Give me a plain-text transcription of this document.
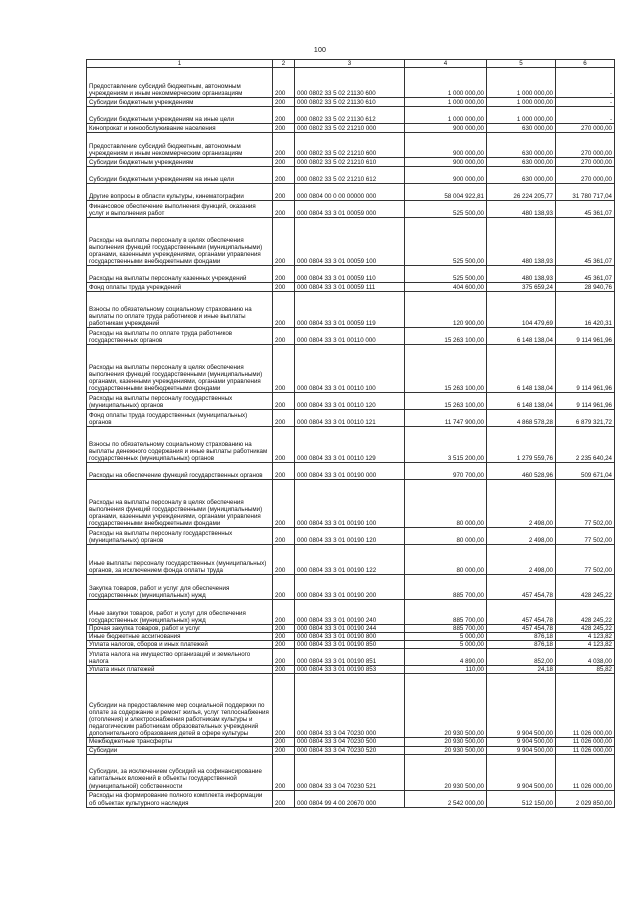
100
1	2	3	4	5	6
Предоставление субсидий бюджетным, автономным учреждениям и иным некоммерческим организациям	200	000 0802 33 5 02 21130 600	1 000 000,00	1 000 000,00	-
Субсидии бюджетным учреждениям	200	000 0802 33 5 02 21130 610	1 000 000,00	1 000 000,00	-
Субсидии бюджетным учреждениям на иные цели	200	000 0802 33 5 02 21130 612	1 000 000,00	1 000 000,00	-
Кинопрокат и кинообслуживание населения	200	000 0802 33 5 02 21210 000	900 000,00	630 000,00	270 000,00
Предоставление субсидий бюджетным, автономным учреждениям и иным некоммерческим организациям	200	000 0802 33 5 02 21210 600	900 000,00	630 000,00	270 000,00
Субсидии бюджетным учреждениям	200	000 0802 33 5 02 21210 610	900 000,00	630 000,00	270 000,00
Субсидии бюджетным учреждениям на иные цели	200	000 0802 33 5 02 21210 612	900 000,00	630 000,00	270 000,00
Другие вопросы в области культуры, кинематографии	200	000 0804 00 0 00 00000 000	58 004 922,81	26 224 205,77	31 780 717,04
Финансовое обеспечение выполнения функций, оказания услуг и выполнения работ	200	000 0804 33 3 01 00059 000	525 500,00	480 138,93	45 361,07
Расходы на выплаты персоналу в целях обеспечения выполнения функций государственными (муниципальными) органами, казенными учреждениями, органами управления государственными внебюджетными фондами	200	000 0804 33 3 01 00059 100	525 500,00	480 138,93	45 361,07
Расходы на выплаты персоналу казенных учреждений	200	000 0804 33 3 01 00059 110	525 500,00	480 138,93	45 361,07
Фонд оплаты труда учреждений	200	000 0804 33 3 01 00059 111	404 600,00	375 659,24	28 940,76
Взносы по обязательному социальному страхованию на выплаты по оплате труда работников и иные выплаты работникам учреждений	200	000 0804 33 3 01 00059 119	120 900,00	104 479,69	16 420,31
Расходы на выплаты по оплате труда работников государственных органов	200	000 0804 33 3 01 00110 000	15 263 100,00	6 148 138,04	9 114 961,96
Расходы на выплаты персоналу в целях обеспечения выполнения функций государственными (муниципальными) органами, казенными учреждениями, органами управления государственными внебюджетными фондами	200	000 0804 33 3 01 00110 100	15 263 100,00	6 148 138,04	9 114 961,96
Расходы на выплаты персоналу государственных (муниципальных) органов	200	000 0804 33 3 01 00110 120	15 263 100,00	6 148 138,04	9 114 961,96
Фонд оплаты труда государственных (муниципальных) органов	200	000 0804 33 3 01 00110 121	11 747 900,00	4 868 578,28	6 879 321,72
Взносы по обязательному социальному страхованию на выплаты денежного содержания и иные выплаты работникам государственных (муниципальных) органов	200	000 0804 33 3 01 00110 129	3 515 200,00	1 279 559,76	2 235 640,24
Расходы на обеспечение функций государственных органов	200	000 0804 33 3 01 00190 000	970 700,00	460 528,96	509 671,04
Расходы на выплаты персоналу в целях обеспечения выполнения функций государственными (муниципальными) органами, казенными учреждениями, органами управления государственными внебюджетными фондами	200	000 0804 33 3 01 00190 100	80 000,00	2 498,00	77 502,00
Расходы на выплаты персоналу государственных (муниципальных) органов	200	000 0804 33 3 01 00190 120	80 000,00	2 498,00	77 502,00
Иные выплаты персоналу государственных (муниципальных) органов, за исключением фонда оплаты труда	200	000 0804 33 3 01 00190 122	80 000,00	2 498,00	77 502,00
Закупка товаров, работ и услуг для обеспечения государственных (муниципальных) нужд	200	000 0804 33 3 01 00190 200	885 700,00	457 454,78	428 245,22
Иные закупки товаров, работ и услуг для обеспечения государственных (муниципальных) нужд	200	000 0804 33 3 01 00190 240	885 700,00	457 454,78	428 245,22
Прочая закупка товаров, работ и услуг	200	000 0804 33 3 01 00190 244	885 700,00	457 454,78	428 245,22
Иные бюджетные ассигнования	200	000 0804 33 3 01 00190 800	5 000,00	876,18	4 123,82
Уплата налогов, сборов и иных платежей	200	000 0804 33 3 01 00190 850	5 000,00	876,18	4 123,82
Уплата налога на имущество организаций и земельного налога	200	000 0804 33 3 01 00190 851	4 890,00	852,00	4 038,00
Уплата иных платежей	200	000 0804 33 3 01 00190 853	110,00	24,18	85,82
Субсидии на предоставление мер социальной поддержки по оплате за содержание и ремонт жилья, услуг теплоснабжения (отопления) и электроснабжения работникам культуры и педагогическим работникам образовательных учреждений дополнительного образования детей в сфере культуры	200	000 0804 33 3 04 70230 000	20 930 500,00	9 904 500,00	11 026 000,00
Межбюджетные трансферты	200	000 0804 33 3 04 70230 500	20 930 500,00	9 904 500,00	11 026 000,00
Субсидии	200	000 0804 33 3 04 70230 520	20 930 500,00	9 904 500,00	11 026 000,00
Субсидии, за исключением субсидий на софинансирование капитальных вложений в объекты государственной (муниципальной) собственности	200	000 0804 33 3 04 70230 521	20 930 500,00	9 904 500,00	11 026 000,00
Расходы на формирование полного комплекта информации об объектах культурного наследия	200	000 0804 99 4 00 20670 000	2 542 000,00	512 150,00	2 029 850,00
